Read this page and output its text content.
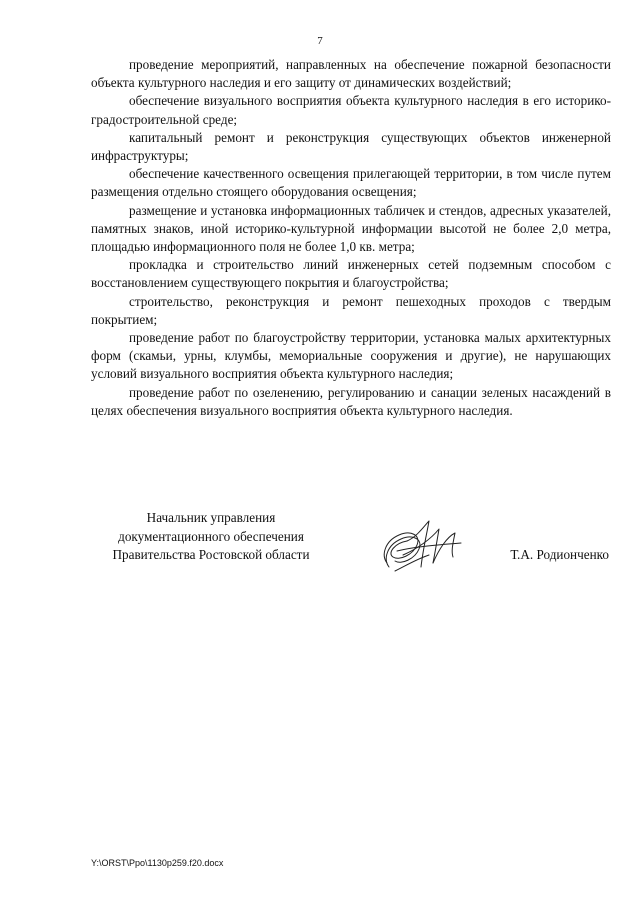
7

проведение мероприятий, направленных на обеспечение пожарной безопасности объекта культурного наследия и его защиту от динамических воздействий;

обеспечение визуального восприятия объекта культурного наследия в его историко-градостроительной среде;

капитальный ремонт и реконструкция существующих объектов инженерной инфраструктуры;

обеспечение качественного освещения прилегающей территории, в том числе путем размещения отдельно стоящего оборудования освещения;

размещение и установка информационных табличек и стендов, адресных указателей, памятных знаков, иной историко-культурной информации высотой не более 2,0 метра, площадью информационного поля не более 1,0 кв. метра;

прокладка и строительство линий инженерных сетей подземным способом с восстановлением существующего покрытия и благоустройства;

строительство, реконструкция и ремонт пешеходных проходов с твердым покрытием;

проведение работ по благоустройству территории, установка малых архитектурных форм (скамьи, урны, клумбы, мемориальные сооружения и другие), не нарушающих условий визуального восприятия объекта культурного наследия;

проведение работ по озеленению, регулированию и санации зеленых насаждений в целях обеспечения визуального восприятия объекта культурного наследия.

Начальник управления
документационного обеспечения
Правительства Ростовской области	Т.А. Родионченко
Y:\ORST\Ppo\1130p259.f20.docx
